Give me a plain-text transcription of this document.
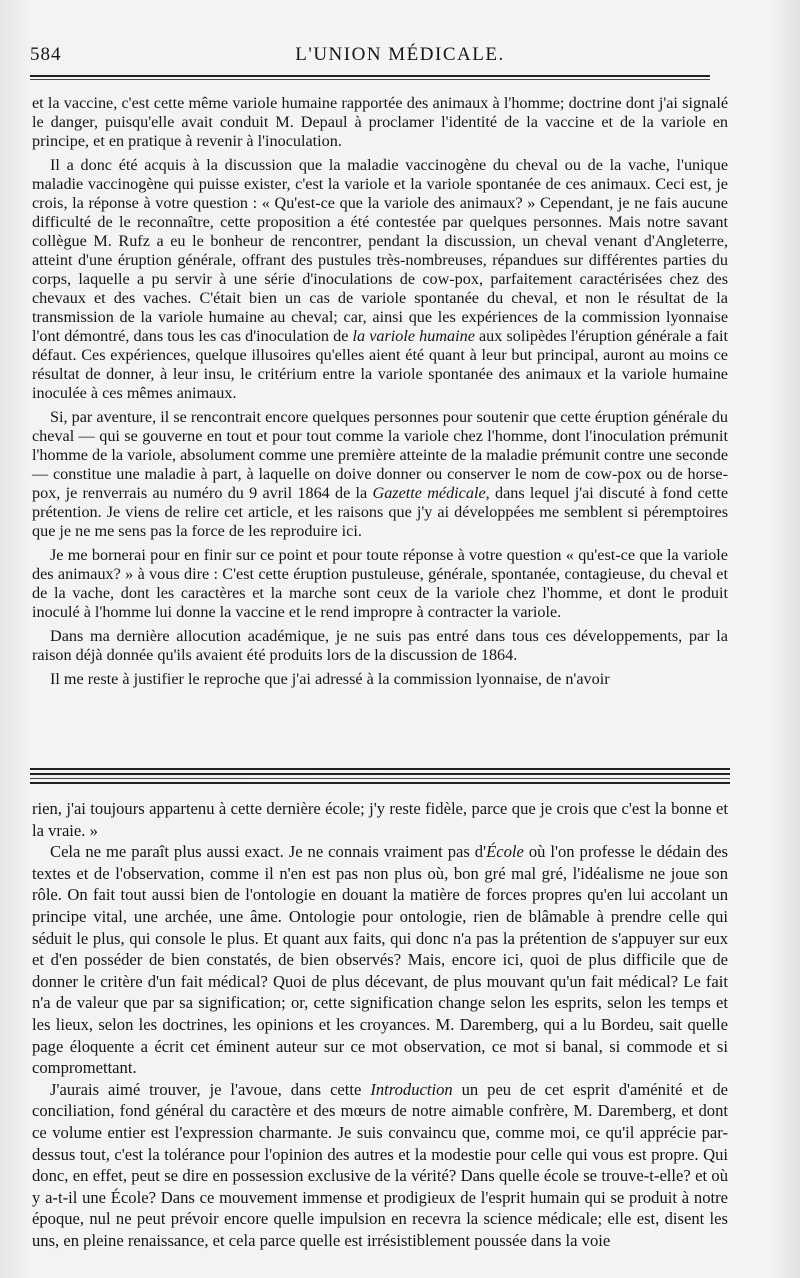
584	L'UNION MÉDICALE.

et la vaccine, c'est cette même variole humaine rapportée des animaux à l'homme; doctrine dont j'ai signalé le danger, puisqu'elle avait conduit M. Depaul à proclamer l'identité de la vaccine et de la variole en principe, et en pratique à revenir à l'inoculation.

Il a donc été acquis à la discussion que la maladie vaccinogène du cheval ou de la vache, l'unique maladie vaccinogène qui puisse exister, c'est la variole et la variole spontanée de ces animaux. Ceci est, je crois, la réponse à votre question : « Qu'est-ce que la variole des animaux? » Cependant, je ne fais aucune difficulté de le reconnaître, cette proposition a été contestée par quelques personnes. Mais notre savant collègue M. Rufz a eu le bonheur de rencontrer, pendant la discussion, un cheval venant d'Angleterre, atteint d'une éruption générale, offrant des pustules très-nombreuses, répandues sur différentes parties du corps, laquelle a pu servir à une série d'inoculations de cow-pox, parfaitement caractérisées chez des chevaux et des vaches. C'était bien un cas de variole spontanée du cheval, et non le résultat de la transmission de la variole humaine au cheval; car, ainsi que les expériences de la commission lyonnaise l'ont démontré, dans tous les cas d'inoculation de la variole humaine aux solipèdes l'éruption générale a fait défaut. Ces expériences, quelque illusoires qu'elles aient été quant à leur but principal, auront au moins ce résultat de donner, à leur insu, le critérium entre la variole spontanée des animaux et la variole humaine inoculée à ces mêmes animaux.

Si, par aventure, il se rencontrait encore quelques personnes pour soutenir que cette éruption générale du cheval — qui se gouverne en tout et pour tout comme la variole chez l'homme, dont l'inoculation prémunit l'homme de la variole, absolument comme une première atteinte de la maladie prémunit contre une seconde — constitue une maladie à part, à laquelle on doive donner ou conserver le nom de cow-pox ou de horse-pox, je renverrais au numéro du 9 avril 1864 de la Gazette médicale, dans lequel j'ai discuté à fond cette prétention. Je viens de relire cet article, et les raisons que j'y ai développées me semblent si péremptoires que je ne me sens pas la force de les reproduire ici.

Je me bornerai pour en finir sur ce point et pour toute réponse à votre question « qu'est-ce que la variole des animaux? » à vous dire : C'est cette éruption pustuleuse, générale, spontanée, contagieuse, du cheval et de la vache, dont les caractères et la marche sont ceux de la variole chez l'homme, et dont le produit inoculé à l'homme lui donne la vaccine et le rend impropre à contracter la variole.

Dans ma dernière allocution académique, je ne suis pas entré dans tous ces développements, par la raison déjà donnée qu'ils avaient été produits lors de la discussion de 1864.

Il me reste à justifier le reproche que j'ai adressé à la commission lyonnaise, de n'avoir

rien, j'ai toujours appartenu à cette dernière école; j'y reste fidèle, parce que je crois que c'est la bonne et la vraie. »

Cela ne me paraît plus aussi exact. Je ne connais vraiment pas d'École où l'on professe le dédain des textes et de l'observation, comme il n'en est pas non plus où, bon gré mal gré, l'idéalisme ne joue son rôle. On fait tout aussi bien de l'ontologie en douant la matière de forces propres qu'en lui accolant un principe vital, une archée, une âme. Ontologie pour ontologie, rien de blâmable à prendre celle qui séduit le plus, qui console le plus. Et quant aux faits, qui donc n'a pas la prétention de s'appuyer sur eux et d'en posséder de bien constatés, de bien observés? Mais, encore ici, quoi de plus difficile que de donner le critère d'un fait médical? Quoi de plus décevant, de plus mouvant qu'un fait médical? Le fait n'a de valeur que par sa signification; or, cette signification change selon les esprits, selon les temps et les lieux, selon les doctrines, les opinions et les croyances. M. Daremberg, qui a lu Bordeu, sait quelle page éloquente a écrit cet éminent auteur sur ce mot observation, ce mot si banal, si commode et si compromettant.

J'aurais aimé trouver, je l'avoue, dans cette Introduction un peu de cet esprit d'aménité et de conciliation, fond général du caractère et des mœurs de notre aimable confrère, M. Daremberg, et dont ce volume entier est l'expression charmante. Je suis convaincu que, comme moi, ce qu'il apprécie par-dessus tout, c'est la tolérance pour l'opinion des autres et la modestie pour celle qui vous est propre. Qui donc, en effet, peut se dire en possession exclusive de la vérité? Dans quelle école se trouve-t-elle? et où y a-t-il une École? Dans ce mouvement immense et prodigieux de l'esprit humain qui se produit à notre époque, nul ne peut prévoir encore quelle impulsion en recevra la science médicale; elle est, disent les uns, en pleine renaissance, et cela parce quelle est irrésistiblement poussée dans la voie
